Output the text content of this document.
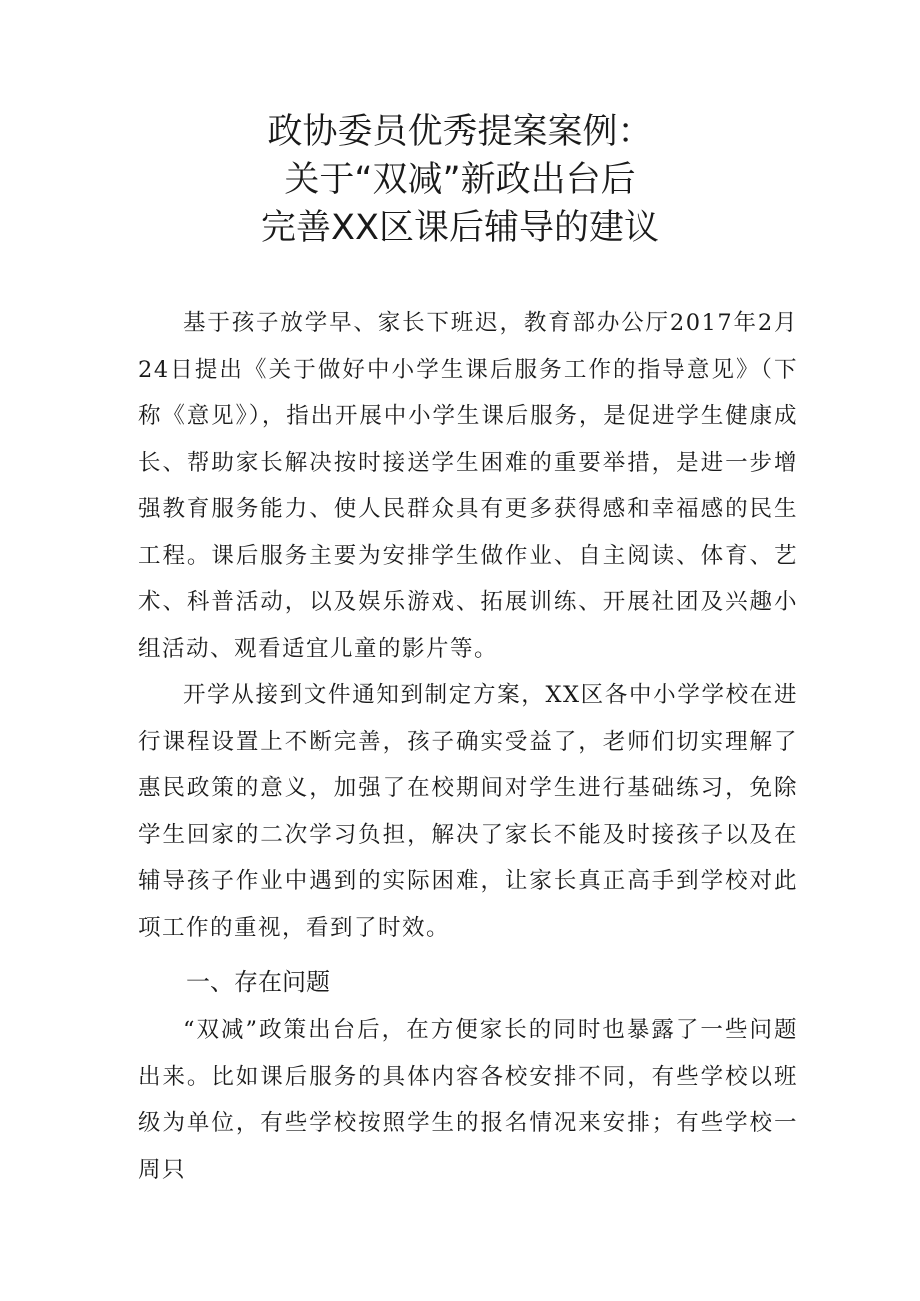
政协委员优秀提案案例：
关于“双减”新政出台后
完善XX区课后辅导的建议

基于孩子放学早、家长下班迟，教育部办公厅2017年2月24日提出《关于做好中小学生课后服务工作的指导意见》（下称《意见》），指出开展中小学生课后服务，是促进学生健康成长、帮助家长解决按时接送学生困难的重要举措，是进一步增强教育服务能力、使人民群众具有更多获得感和幸福感的民生工程。课后服务主要为安排学生做作业、自主阅读、体育、艺术、科普活动，以及娱乐游戏、拓展训练、开展社团及兴趣小组活动、观看适宜儿童的影片等。

开学从接到文件通知到制定方案，XX区各中小学学校在进行课程设置上不断完善，孩子确实受益了，老师们切实理解了惠民政策的意义，加强了在校期间对学生进行基础练习，免除学生回家的二次学习负担，解决了家长不能及时接孩子以及在辅导孩子作业中遇到的实际困难，让家长真正高手到学校对此项工作的重视，看到了时效。

一、存在问题

“双减”政策出台后，在方便家长的同时也暴露了一些问题出来。比如课后服务的具体内容各校安排不同，有些学校以班级为单位，有些学校按照学生的报名情况来安排；有些学校一周只
